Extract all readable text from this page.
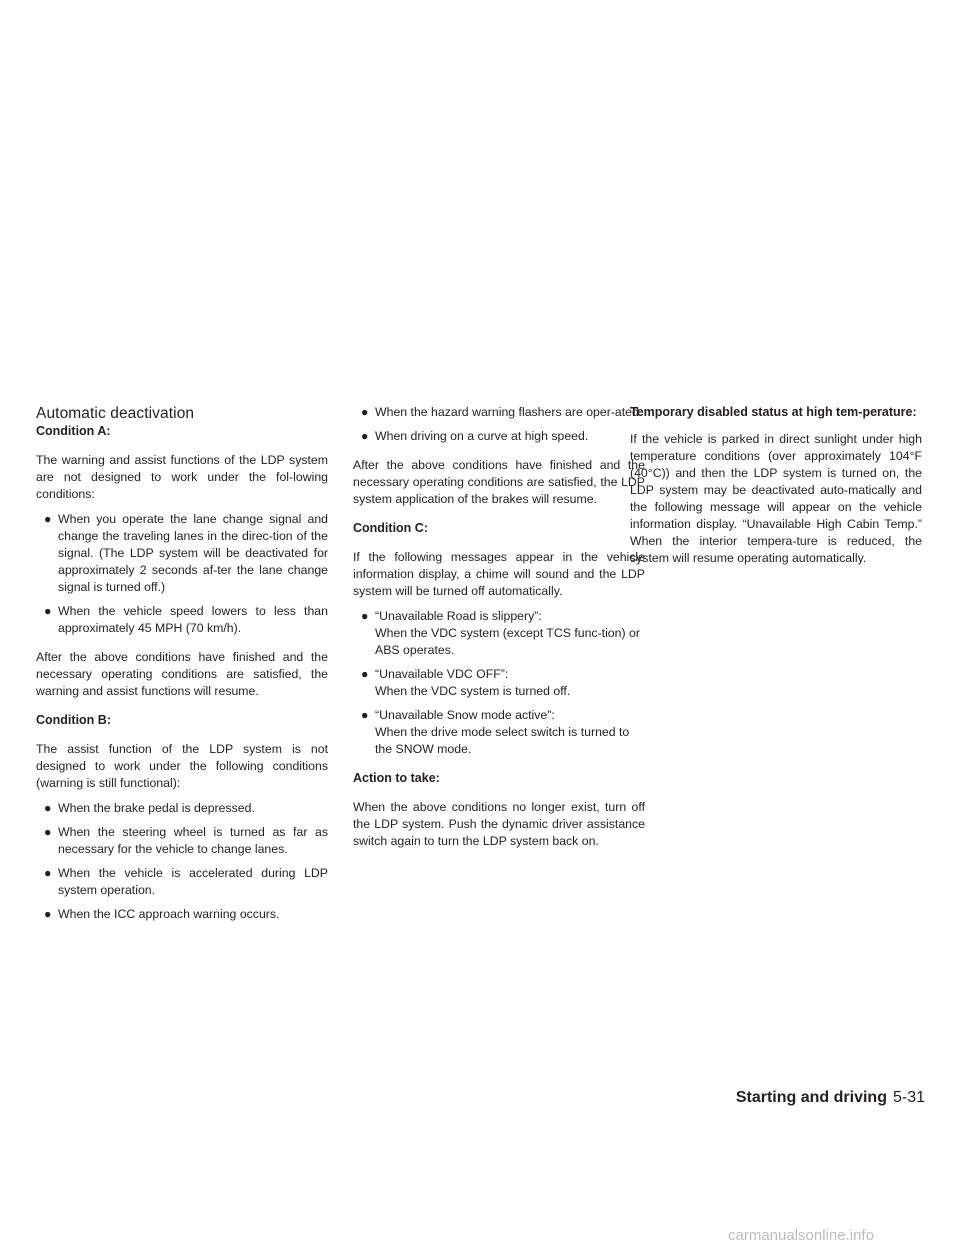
Automatic deactivation
Condition A:

The warning and assist functions of the LDP system are not designed to work under the fol-lowing conditions:

● When you operate the lane change signal and change the traveling lanes in the direc-tion of the signal. (The LDP system will be deactivated for approximately 2 seconds af-ter the lane change signal is turned off.)
● When the vehicle speed lowers to less than approximately 45 MPH (70 km/h).

After the above conditions have finished and the necessary operating conditions are satisfied, the warning and assist functions will resume.

Condition B:

The assist function of the LDP system is not designed to work under the following conditions (warning is still functional):

● When the brake pedal is depressed.
● When the steering wheel is turned as far as necessary for the vehicle to change lanes.
● When the vehicle is accelerated during LDP system operation.
● When the ICC approach warning occurs.
● When the hazard warning flashers are oper-ated.
● When driving on a curve at high speed.

After the above conditions have finished and the necessary operating conditions are satisfied, the LDP system application of the brakes will resume.

Condition C:

If the following messages appear in the vehicle information display, a chime will sound and the LDP system will be turned off automatically.

● “Unavailable Road is slippery”:
When the VDC system (except TCS func-tion) or ABS operates.
● “Unavailable VDC OFF”:
When the VDC system is turned off.
● “Unavailable Snow mode active”:
When the drive mode select switch is turned to the SNOW mode.
Action to take:

When the above conditions no longer exist, turn off the LDP system. Push the dynamic driver assistance switch again to turn the LDP system back on.

Temporary disabled status at high tem-perature:

If the vehicle is parked in direct sunlight under high temperature conditions (over approximately 104°F (40°C)) and then the LDP system is turned on, the LDP system may be deactivated auto-matically and the following message will appear on the vehicle information display. “Unavailable High Cabin Temp.” When the interior tempera-ture is reduced, the system will resume operating automatically.

Starting and driving 5-31
carmanualsonline.info
